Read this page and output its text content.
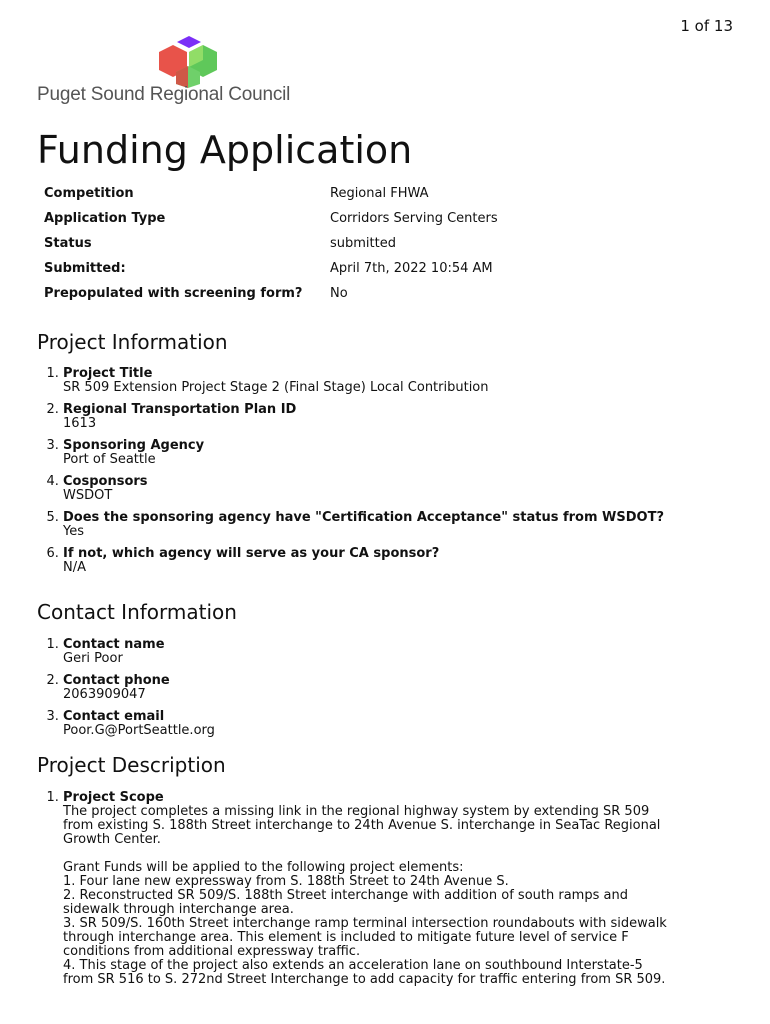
1 of 13
Puget Sound Regional Council
Funding Application
Competition	Regional FHWA
Application Type	Corridors Serving Centers
Status	submitted
Submitted:	April 7th, 2022 10:54 AM
Prepopulated with screening form?	No
Project Information
1. Project Title
SR 509 Extension Project Stage 2 (Final Stage) Local Contribution
2. Regional Transportation Plan ID
1613
3. Sponsoring Agency
Port of Seattle
4. Cosponsors
WSDOT
5. Does the sponsoring agency have "Certification Acceptance" status from WSDOT?
Yes
6. If not, which agency will serve as your CA sponsor?
N/A
Contact Information
1. Contact name
Geri Poor
2. Contact phone
2063909047
3. Contact email
Poor.G@PortSeattle.org
Project Description
1. Project Scope
The project completes a missing link in the regional highway system by extending SR 509
from existing S. 188th Street interchange to 24th Avenue S. interchange in SeaTac Regional
Growth Center.

Grant Funds will be applied to the following project elements:
1. Four lane new expressway from S. 188th Street to 24th Avenue S.
2. Reconstructed SR 509/S. 188th Street interchange with addition of south ramps and
sidewalk through interchange area.
3. SR 509/S. 160th Street interchange ramp terminal intersection roundabouts with sidewalk
through interchange area. This element is included to mitigate future level of service F
conditions from additional expressway traffic.
4. This stage of the project also extends an acceleration lane on southbound Interstate-5
from SR 516 to S. 272nd Street Interchange to add capacity for traffic entering from SR 509.
